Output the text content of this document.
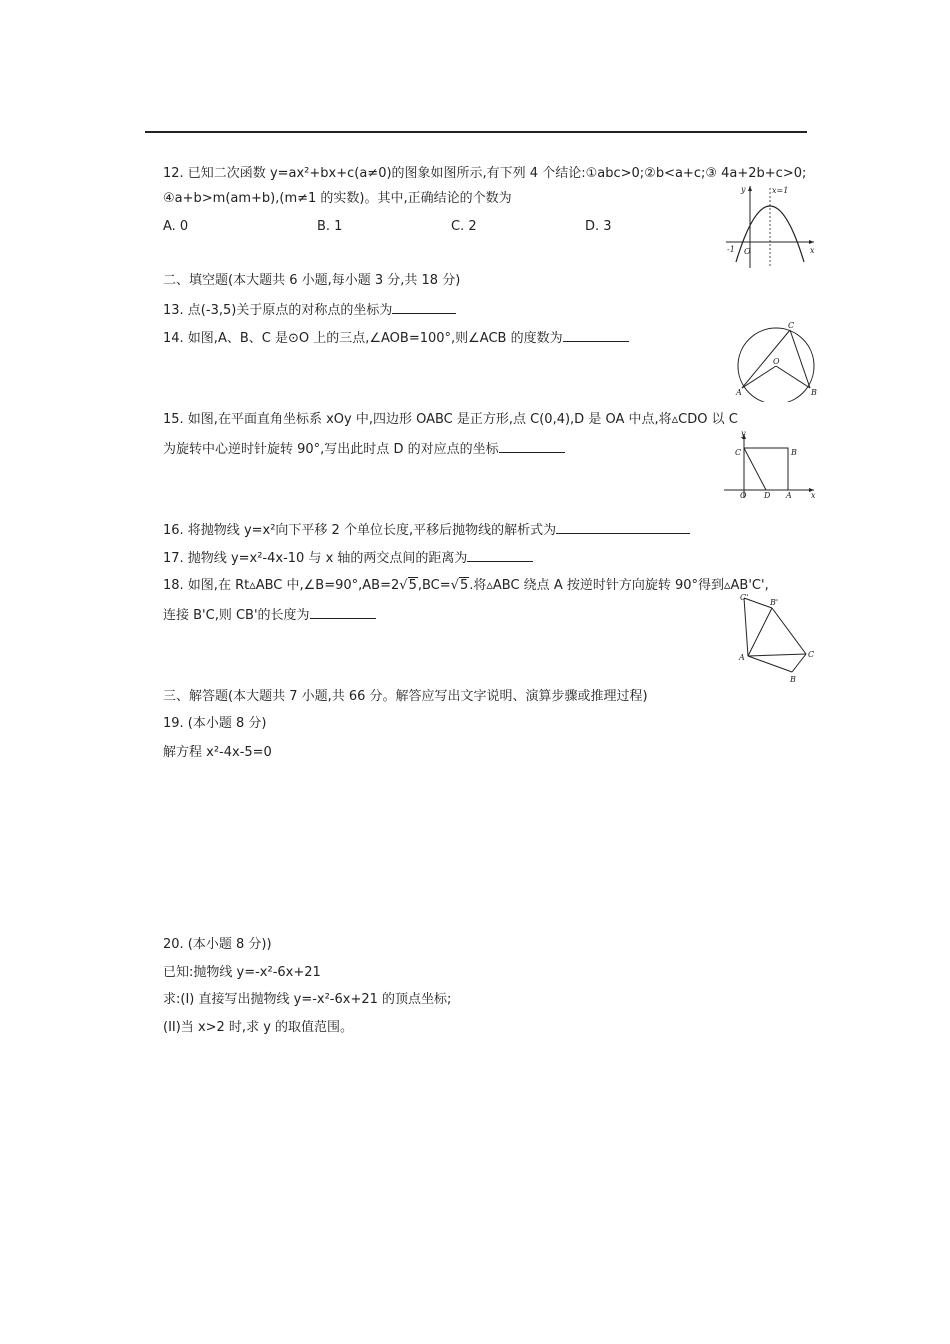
12. 已知二次函数 y=ax²+bx+c(a≠0)的图象如图所示,有下列 4 个结论:①abc>0;②b<a+c;③ 4a+2b+c>0;
④a+b>m(am+b),(m≠1 的实数)。其中,正确结论的个数为
A. 0	B. 1	C. 2	D. 3
y
x
O
-1
x=1
二、填空题(本大题共 6 小题,每小题 3 分,共 18 分)
13. 点(-3,5)关于原点的对称点的坐标为
14. 如图,A、B、C 是⊙O 上的三点,∠AOB=100°,则∠ACB 的度数为
C
A	B
O
15. 如图,在平面直角坐标系 xOy 中,四边形 OABC 是正方形,点 C(0,4),D 是 OA 中点,将▵CDO 以 C
为旋转中心逆时针旋转 90°,写出此时点 D 的对应点的坐标
y
x
O D A
B
C
16. 将抛物线 y=x²向下平移 2 个单位长度,平移后抛物线的解析式为
17. 抛物线 y=x²-4x-10 与 x 轴的两交点间的距离为
18. 如图,在 Rt▵ABC 中,∠B=90°,AB=2√5,BC=√5.将▵ABC 绕点 A 按逆时针方向旋转 90°得到▵AB'C',
连接 B'C,则 CB'的长度为
C'
B'
A	C
B
三、解答题(本大题共 7 小题,共 66 分。解答应写出文字说明、演算步骤或推理过程)
19. (本小题 8 分)
解方程 x²-4x-5=0
20. (本小题 8 分))
已知:抛物线 y=-x²-6x+21
求:(I) 直接写出抛物线 y=-x²-6x+21 的顶点坐标;
(II)当 x>2 时,求 y 的取值范围。
